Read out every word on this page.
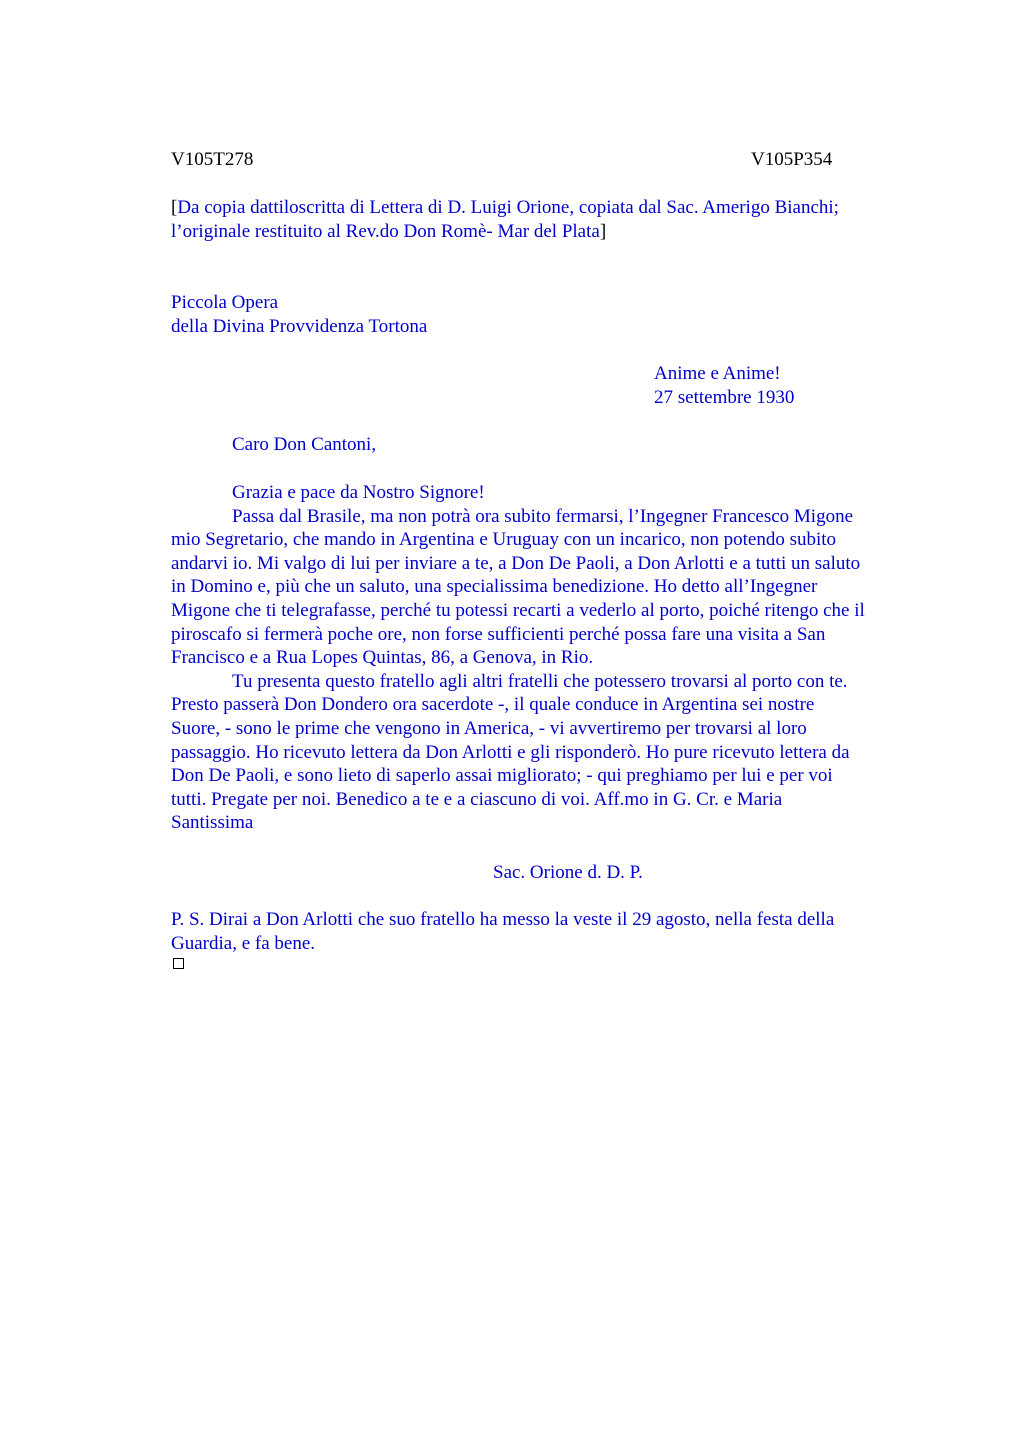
V105T278	V105P354
[Da copia dattiloscritta di Lettera di D. Luigi Orione, copiata dal Sac. Amerigo Bianchi;
l’originale restituito al Rev.do Don Romè- Mar del Plata]
Piccola Opera
della Divina Provvidenza Tortona
Anime e Anime!
27 settembre 1930
Caro Don Cantoni,
Grazia e pace da Nostro Signore!
Passa dal Brasile, ma non potrà ora subito fermarsi, l’Ingegner Francesco Migone
mio Segretario, che mando in Argentina e Uruguay con un incarico, non potendo subito
andarvi io. Mi valgo di lui per inviare a te, a Don De Paoli, a Don Arlotti e a tutti un saluto
in Domino e, più che un saluto, una specialissima benedizione. Ho detto all’Ingegner
Migone che ti telegrafasse, perché tu potessi recarti a vederlo al porto, poiché ritengo che il
piroscafo si fermerà poche ore, non forse sufficienti perché possa fare una visita a San
Francisco e a Rua Lopes Quintas, 86, a Genova, in Rio.
Tu presenta questo fratello agli altri fratelli che potessero trovarsi al porto con te.
Presto passerà Don Dondero ora sacerdote -, il quale conduce in Argentina sei nostre
Suore, - sono le prime che vengono in America, - vi avvertiremo per trovarsi al loro
passaggio. Ho ricevuto lettera da Don Arlotti e gli risponderò. Ho pure ricevuto lettera da
Don De Paoli, e sono lieto di saperlo assai migliorato; - qui preghiamo per lui e per voi
tutti. Pregate per noi. Benedico a te e a ciascuno di voi. Aff.mo in G. Cr. e Maria
Santissima
Sac. Orione d. D. P.
P. S. Dirai a Don Arlotti che suo fratello ha messo la veste il 29 agosto, nella festa della
Guardia, e fa bene.
